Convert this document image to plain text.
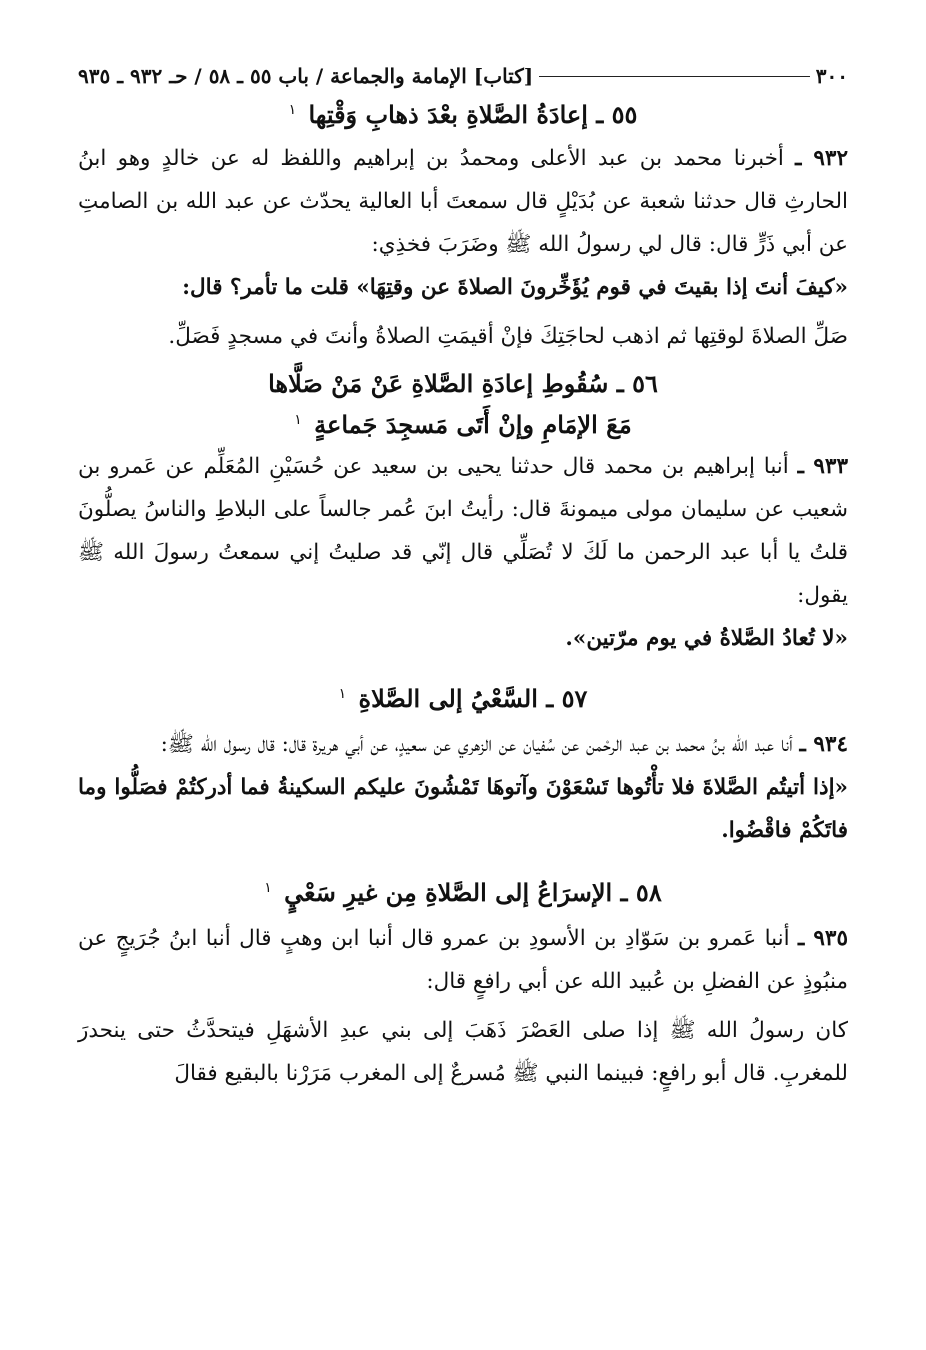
٣٠٠
[كتاب] الإمامة والجماعة / باب ٥٥ ـ ٥٨ / حـ ٩٣٢ ـ ٩٣٥
٥٥ ـ إعادَةُ الصَّلاةِ بعْدَ ذهابِ وَقْتِها $^١$

٩٣٢ ـ أخبرنا محمد بن عبد الأعلى ومحمدُ بن إبراهيم واللفظ له عن خالدٍ وهو ابنُ الحارثِ قال حدثنا شعبة عن بُدَيْلٍ قال سمعتَ أبا العالية يحدّث عن عبد الله بن الصامتِ عن أبي ذَرٍّ قال: قال لي رسولُ الله ﷺ وضَرَبَ فخذِي:

«كيفَ أنتَ إذا بقيتَ في قوم يُؤَخِّرونَ الصلاةَ عن وقتِهَا» قلت ما تأمر؟ قال:

صَلِّ الصلاةَ لوقتِها ثم اذهب لحاجَتِكَ فإنْ أقيمَتِ الصلاةُ وأنتَ في مسجدٍ فَصَلِّ.

٥٦ ـ سُقُوطِ إعادَةِ الصَّلاةِ عَنْ مَنْ صَلَّاها
مَعَ الإمَامِ وإنْ أَتَى مَسجِدَ جَماعةٍ $^١$

٩٣٣ ـ أنبا إبراهيم بن محمد قال حدثنا يحيى بن سعيد عن حُسَيْنِ المُعَلِّم عن عَمرو بن شعيب عن سليمان مولى ميمونةَ قال: رأيتُ ابنَ عُمر جالساً على البلاطِ والناسُ يصلُّونَ قلتُ يا أبا عبد الرحمن ما لَكَ لا تُصَلِّي قال إنّي قد صليتُ إني سمعتُ رسولَ الله ﷺ يقول:

«لا تُعادُ الصَّلاةُ في يوم مرّتين».

٥٧ ـ السَّعْيُ إلى الصَّلاةِ $^١$

٩٣٤ ـ أنا عبد الله بنُ محمد بن عبد الرحْمن عن سُفيان عن الزهري عن سعيدٍ، عن أبي هريرة قال: قال رسول الله ﷺ:

«إذا أتيتُم الصَّلاةَ فلا تأْتُوها تَسْعَوْنَ وآتوهَا تَمْشُونَ عليكم السكينةُ فما أدركتُمْ فصَلُّوا وما فاتَكُمْ فاقْضُوا.

٥٨ ـ الإسرَاعُ إلى الصَّلاةِ مِن غيرِ سَعْيٍ $^١$

٩٣٥ ـ أنبا عَمرو بن سَوّادِ بن الأسودِ بن عمرو قال أنبا ابن وهبٍ قال أنبا ابنُ جُرَيجٍ عن منبُوذٍ عن الفضلِ بن عُبيد الله عن أبي رافعٍ قال:

كان رسولُ الله ﷺ إذا صلى العَصْرَ ذَهَبَ إلى بني عبدِ الأشهَلِ فيتحدَّثُ حتى ينحدرَ للمغربِ. قال أبو رافعٍ: فبينما النبي ﷺ مُسرعٌ إلى المغرب مَرَرْنا بالبقيع فقالَ
